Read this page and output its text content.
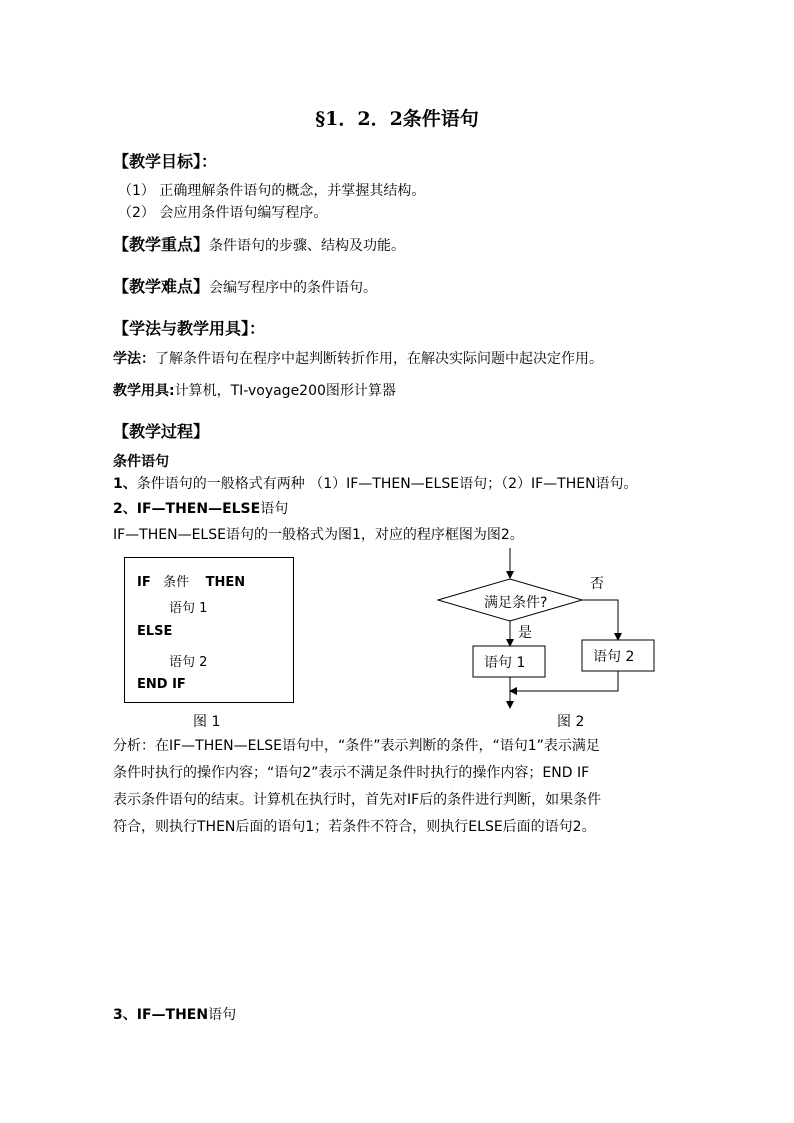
§1．2．2条件语句
【教学目标】：
（1） 正确理解条件语句的概念，并掌握其结构。
（2） 会应用条件语句编写程序。
【教学重点】条件语句的步骤、结构及功能。
【教学难点】会编写程序中的条件语句。
【学法与教学用具】：
学法：了解条件语句在程序中起判断转折作用，在解决实际问题中起决定作用。
教学用具:计算机，TI-voyage200图形计算器
【教学过程】
条件语句
1、条件语句的一般格式有两种 （1）IF—THEN—ELSE语句；（2）IF—THEN语句。
2、IF—THEN—ELSE语句
IF—THEN—ELSE语句的一般格式为图1，对应的程序框图为图2。
IF 条件 THEN
语句 1
ELSE
语句 2
END IF
图 1
满足条件?
是
否
语句 1	语句 2
图 2
分析：在IF—THEN—ELSE语句中，“条件”表示判断的条件，“语句1”表示满足
条件时执行的操作内容；“语句2”表示不满足条件时执行的操作内容；END IF
表示条件语句的结束。计算机在执行时，首先对IF后的条件进行判断，如果条件
符合，则执行THEN后面的语句1；若条件不符合，则执行ELSE后面的语句2。
3、IF—THEN语句
